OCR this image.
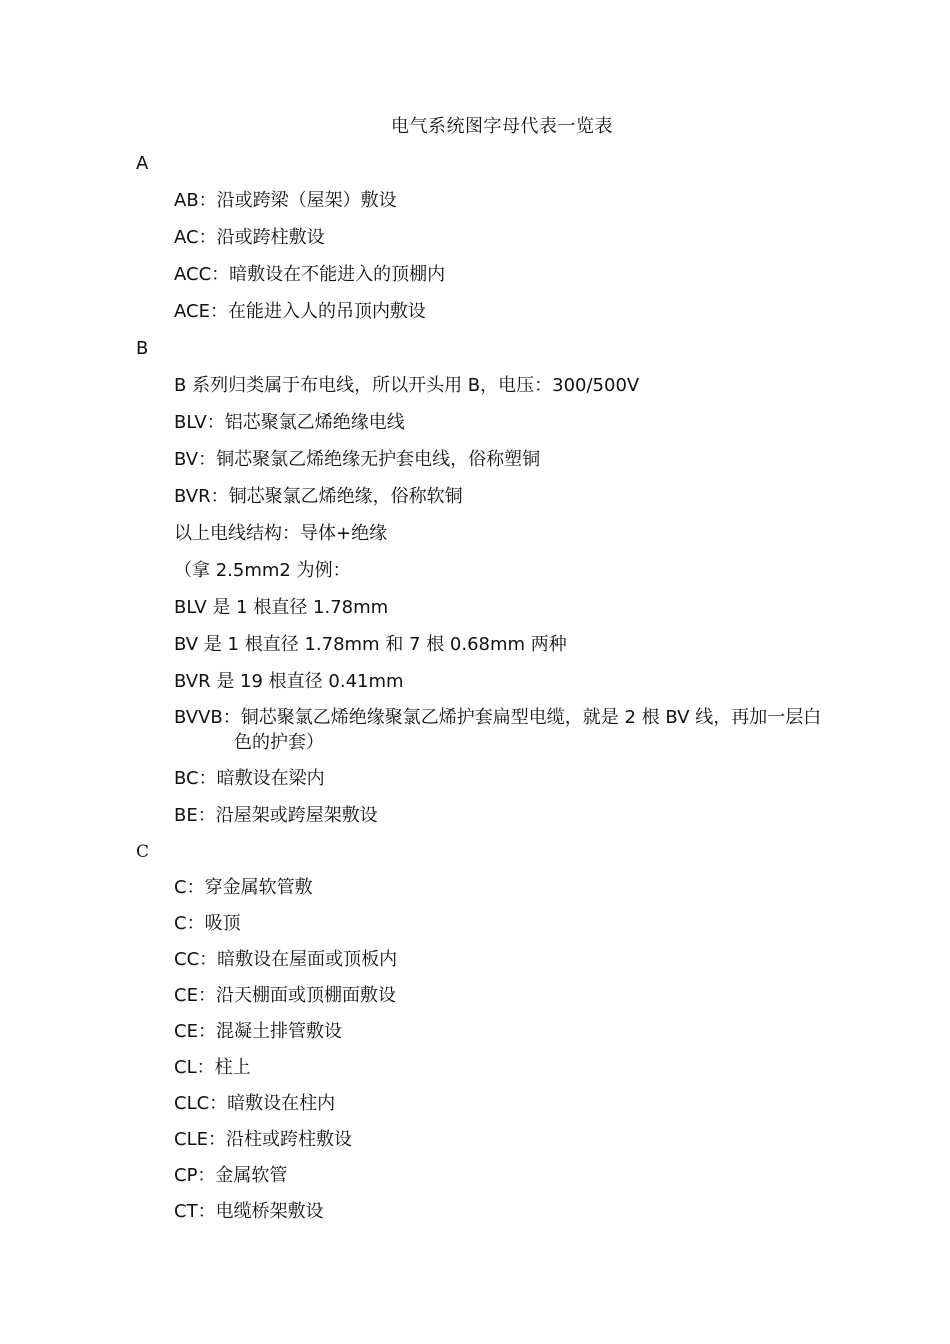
电气系统图字母代表一览表
A
AB：沿或跨梁（屋架）敷设
AC：沿或跨柱敷设
ACC：暗敷设在不能进入的顶棚内
ACE：在能进入人的吊顶内敷设
B
B 系列归类属于布电线，所以开头用 B，电压：300/500V
BLV：铝芯聚氯乙烯绝缘电线
BV：铜芯聚氯乙烯绝缘无护套电线，俗称塑铜
BVR：铜芯聚氯乙烯绝缘，俗称软铜
以上电线结构：导体+绝缘
（拿 2.5mm2 为例：
BLV 是 1 根直径 1.78mm
BV 是 1 根直径 1.78mm 和 7 根 0.68mm 两种
BVR 是 19 根直径 0.41mm
BVVB：铜芯聚氯乙烯绝缘聚氯乙烯护套扁型电缆，就是 2 根 BV 线，再加一层白色的护套）
BC：暗敷设在梁内
BE：沿屋架或跨屋架敷设
C
C：穿金属软管敷
C：吸顶
CC：暗敷设在屋面或顶板内
CE：沿天棚面或顶棚面敷设
CE：混凝土排管敷设
CL：柱上
CLC：暗敷设在柱内
CLE：沿柱或跨柱敷设
CP：金属软管
CT：电缆桥架敷设
